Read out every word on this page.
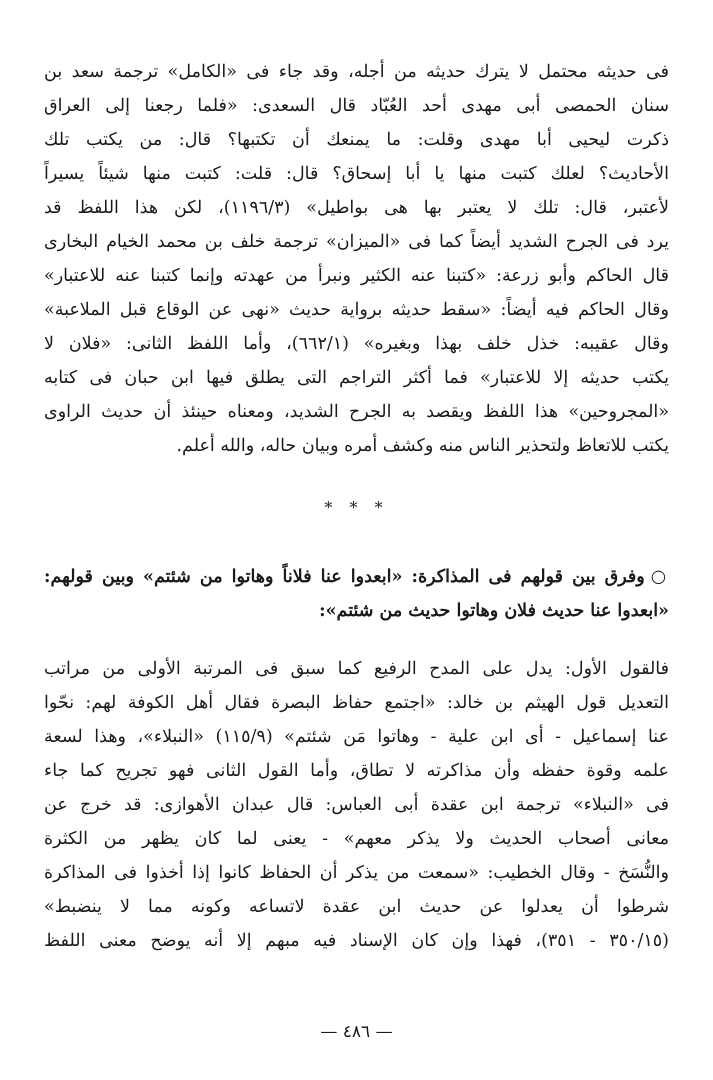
فى حديثه محتمل لا يترك حديثه من أجله، وقد جاء فى «الكامل» ترجمة سعد بن
سنان الحمصى أبى مهدى أحد العُبّاد قال السعدى: «فلما رجعنا إلى العراق
ذكرت ليحيى أبا مهدى وقلت: ما يمنعك أن تكتبها؟ قال: من يكتب تلك
الأحاديث؟ لعلك كتبت منها يا أبا إسحاق؟ قال: قلت: كتبت منها شيئاً يسيراً
لأعتبر، قال: تلك لا يعتبر بها هى بواطيل» (١١٩٦/٣)، لكن هذا اللفظ قد
يرد فى الجرح الشديد أيضاً كما فى «الميزان» ترجمة خلف بن محمد الخيام البخارى
قال الحاكم وأبو زرعة: «كتبنا عنه الكثير ونبرأ من عهدته وإنما كتبنا عنه للاعتبار»
وقال الحاكم فيه أيضاً: «سقط حديثه برواية حديث «نهى عن الوقاع قبل الملاعبة»
وقال عقيبه: خذل خلف بهذا وبغيره» (٦٦٢/١)، وأما اللفظ الثانى: «فلان لا
يكتب حديثه إلا للاعتبار» فما أكثر التراجم التى يطلق فيها ابن حبان فى كتابه
«المجروحين» هذا اللفظ ويقصد به الجرح الشديد، ومعناه حينئذ أن حديث الراوى
يكتب للاتعاظ ولتحذير الناس منه وكشف أمره وبيان حاله، والله أعلم.
* * *
○وفرق بين قولهم فى المذاكرة: «ابعدوا عنا فلاناً وهاتوا من شئتم» وبين قولهم:
«ابعدوا عنا حديث فلان وهاتوا حديث من شئتم»:
فالقول الأول: يدل على المدح الرفيع كما سبق فى المرتبة الأولى من مراتب
التعديل قول الهيثم بن خالد: «اجتمع حفاظ البصرة فقال أهل الكوفة لهم: نحّوا
عنا إسماعيل - أى ابن علية - وهاتوا مَن شئتم» (١١٥/٩) «النبلاء»، وهذا لسعة
علمه وقوة حفظه وأن مذاكرته لا تطاق، وأما القول الثانى فهو تجريح كما جاء
فى «النبلاء» ترجمة ابن عقدة أبى العباس: قال عبدان الأهوازى: قد خرج عن
معانى أصحاب الحديث ولا يذكر معهم» - يعنى لما كان يظهر من الكثرة
والنُّسَخ - وقال الخطيب: «سمعت من يذكر أن الحفاظ كانوا إذا أخذوا فى المذاكرة
شرطوا أن يعدلوا عن حديث ابن عقدة لاتساعه وكونه مما لا ينضبط»
(٣٥٠/١٥ - ٣٥١)، فهذا وإن كان الإسناد فيه مبهم إلا أنه يوضح معنى اللفظ
— ٤٨٦ —
